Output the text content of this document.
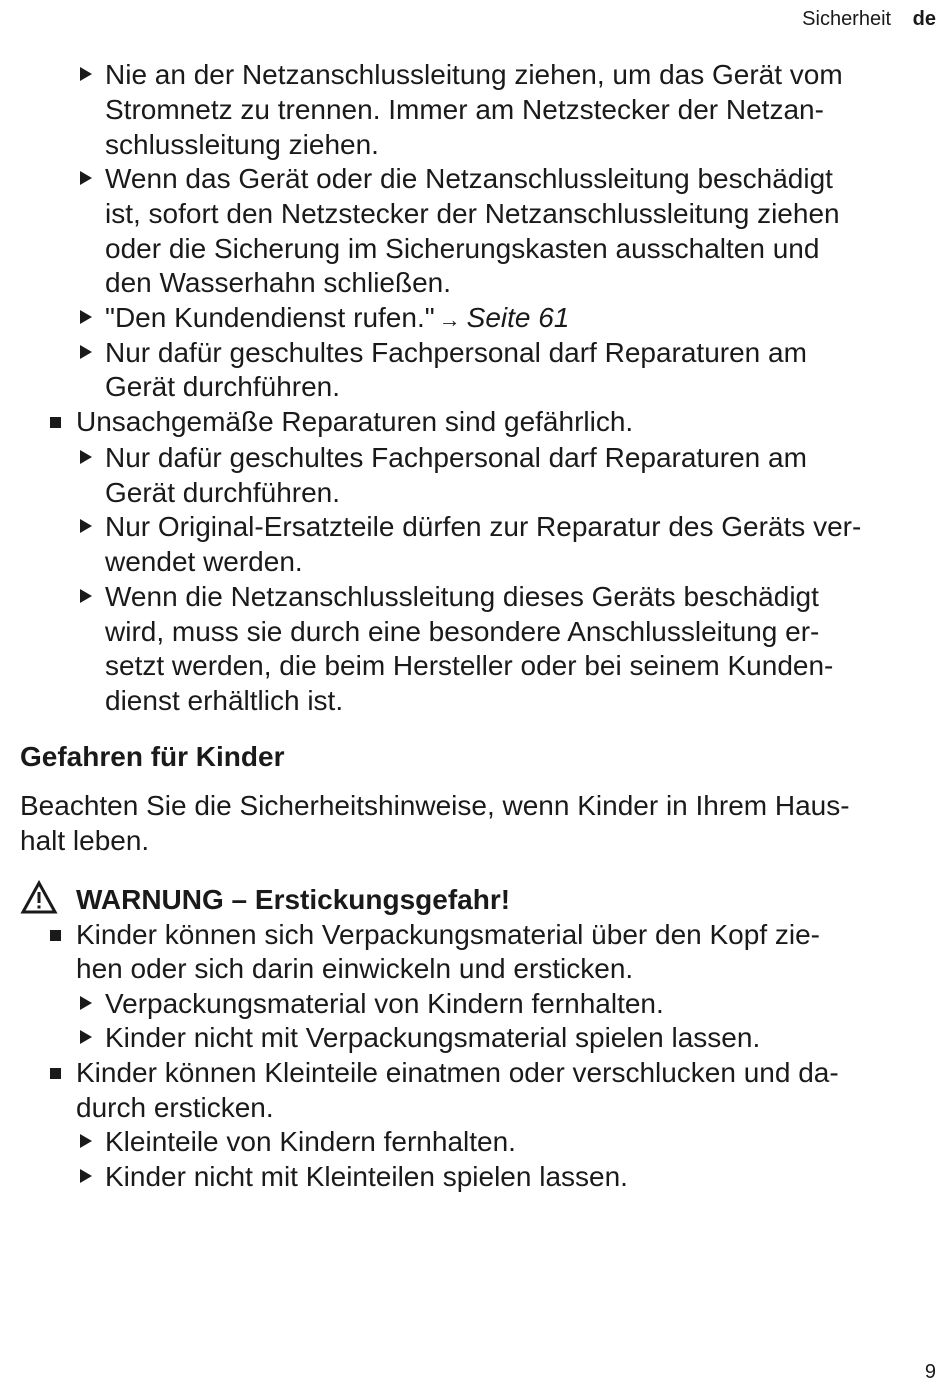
Sicherheit de
Nie an der Netzanschlussleitung ziehen, um das Gerät vom
Stromnetz zu trennen. Immer am Netzstecker der Netzan-
schlussleitung ziehen.
Wenn das Gerät oder die Netzanschlussleitung beschädigt
ist, sofort den Netzstecker der Netzanschlussleitung ziehen
oder die Sicherung im Sicherungskasten ausschalten und
den Wasserhahn schließen.
"Den Kundendienst rufen." → Seite 61
Nur dafür geschultes Fachpersonal darf Reparaturen am
Gerät durchführen.
Unsachgemäße Reparaturen sind gefährlich.
Nur dafür geschultes Fachpersonal darf Reparaturen am
Gerät durchführen.
Nur Original-Ersatzteile dürfen zur Reparatur des Geräts ver-
wendet werden.
Wenn die Netzanschlussleitung dieses Geräts beschädigt
wird, muss sie durch eine besondere Anschlussleitung er-
setzt werden, die beim Hersteller oder bei seinem Kunden-
dienst erhältlich ist.
Gefahren für Kinder
Beachten Sie die Sicherheitshinweise, wenn Kinder in Ihrem Haus-
halt leben.
WARNUNG – Erstickungsgefahr!
Kinder können sich Verpackungsmaterial über den Kopf zie-
hen oder sich darin einwickeln und ersticken.
Verpackungsmaterial von Kindern fernhalten.
Kinder nicht mit Verpackungsmaterial spielen lassen.
Kinder können Kleinteile einatmen oder verschlucken und da-
durch ersticken.
Kleinteile von Kindern fernhalten.
Kinder nicht mit Kleinteilen spielen lassen.
9
